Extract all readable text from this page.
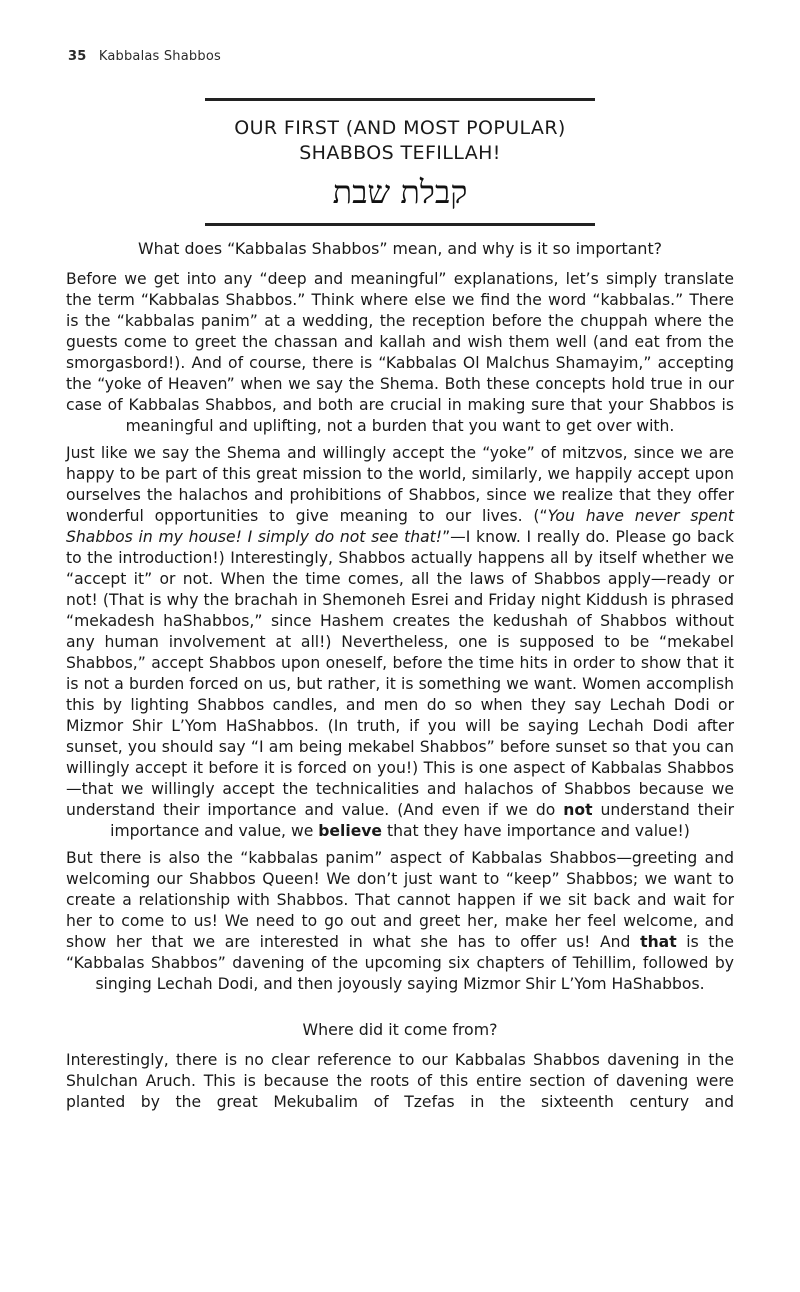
35 Kabbalas Shabbos

OUR FIRST (AND MOST POPULAR)

SHABBOS TEFILLAH!

קבלת שבת
What does “Kabbalas Shabbos” mean, and why is it so important?

Before we get into any “deep and meaningful” explanations, let’s simply translate the term “Kabbalas Shabbos.” Think where else we find the word “kabbalas.” There is the “kabbalas panim” at a wedding, the reception before the chuppah where the guests come to greet the chassan and kallah and wish them well (and eat from the smorgasbord!). And of course, there is “Kabbalas Ol Malchus Shamayim,” accepting the “yoke of Heaven” when we say the Shema. Both these concepts hold true in our case of Kabbalas Shabbos, and both are crucial in making sure that your Shabbos is meaningful and uplifting, not a burden that you want to get over with.

Just like we say the Shema and willingly accept the “yoke” of mitzvos, since we are happy to be part of this great mission to the world, similarly, we happily accept upon ourselves the halachos and prohibitions of Shabbos, since we realize that they offer wonderful opportunities to give meaning to our lives. (“You have never spent Shabbos in my house! I simply do not see that!”—I know. I really do. Please go back to the introduction!) Interestingly, Shabbos actually happens all by itself whether we “accept it” or not. When the time comes, all the laws of Shabbos apply—ready or not! (That is why the brachah in Shemoneh Esrei and Friday night Kiddush is phrased “mekadesh haShabbos,” since Hashem creates the kedushah of Shabbos without any human involvement at all!) Nevertheless, one is supposed to be “mekabel Shabbos,” accept Shabbos upon oneself, before the time hits in order to show that it is not a burden forced on us, but rather, it is something we want. Women accomplish this by lighting Shabbos candles, and men do so when they say Lechah Dodi or Mizmor Shir L’Yom HaShabbos. (In truth, if you will be saying Lechah Dodi after sunset, you should say “I am being mekabel Shabbos” before sunset so that you can willingly accept it before it is forced on you!) This is one aspect of Kabbalas Shabbos—that we willingly accept the technicalities and halachos of Shabbos because we understand their importance and value. (And even if we do not understand their importance and value, we believe that they have importance and value!)

But there is also the “kabbalas panim” aspect of Kabbalas Shabbos—greeting and welcoming our Shabbos Queen! We don’t just want to “keep” Shabbos; we want to create a relationship with Shabbos. That cannot happen if we sit back and wait for her to come to us! We need to go out and greet her, make her feel welcome, and show her that we are interested in what she has to offer us! And that is the “Kabbalas Shabbos” davening of the upcoming six chapters of Tehillim, followed by singing Lechah Dodi, and then joyously saying Mizmor Shir L’Yom HaShabbos.

Where did it come from?

Interestingly, there is no clear reference to our Kabbalas Shabbos davening in the Shulchan Aruch. This is because the roots of this entire section of davening were planted by the great Mekubalim of Tzefas in the sixteenth century and
